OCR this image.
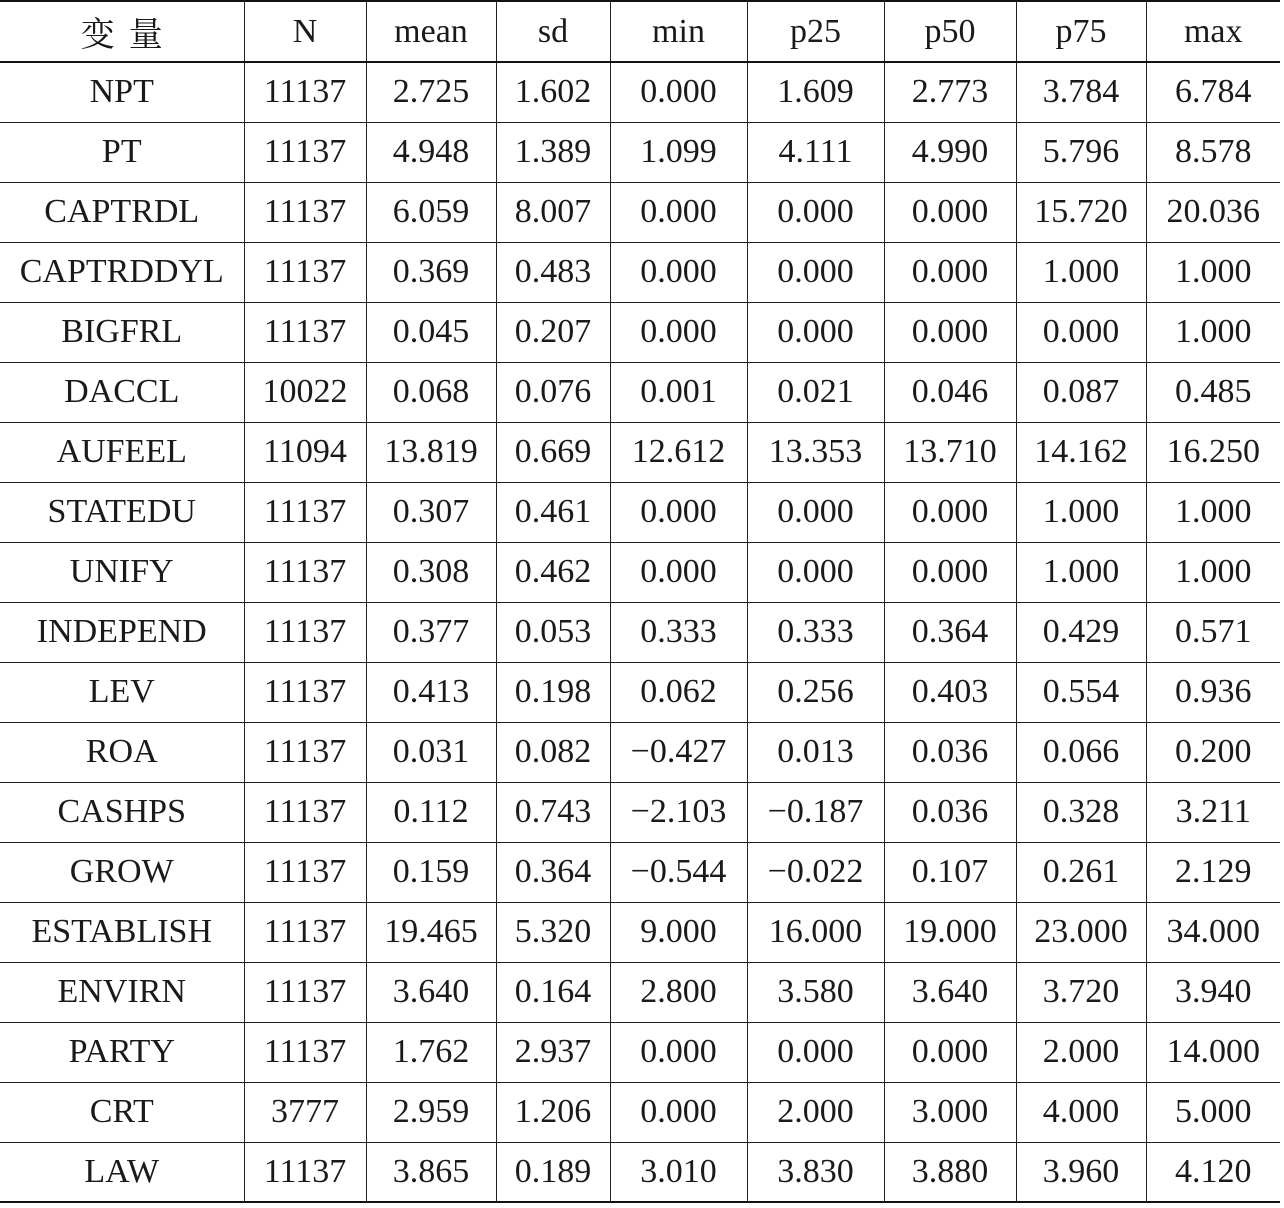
变量	N	mean	sd	min	p25	p50	p75	max
NPT	11137	2.725	1.602	0.000	1.609	2.773	3.784	6.784
PT	11137	4.948	1.389	1.099	4.111	4.990	5.796	8.578
CAPTRDL	11137	6.059	8.007	0.000	0.000	0.000	15.720	20.036
CAPTRDDYL	11137	0.369	0.483	0.000	0.000	0.000	1.000	1.000
BIGFRL	11137	0.045	0.207	0.000	0.000	0.000	0.000	1.000
DACCL	10022	0.068	0.076	0.001	0.021	0.046	0.087	0.485
AUFEEL	11094	13.819	0.669	12.612	13.353	13.710	14.162	16.250
STATEDU	11137	0.307	0.461	0.000	0.000	0.000	1.000	1.000
UNIFY	11137	0.308	0.462	0.000	0.000	0.000	1.000	1.000
INDEPEND	11137	0.377	0.053	0.333	0.333	0.364	0.429	0.571
LEV	11137	0.413	0.198	0.062	0.256	0.403	0.554	0.936
ROA	11137	0.031	0.082	−0.427	0.013	0.036	0.066	0.200
CASHPS	11137	0.112	0.743	−2.103	−0.187	0.036	0.328	3.211
GROW	11137	0.159	0.364	−0.544	−0.022	0.107	0.261	2.129
ESTABLISH	11137	19.465	5.320	9.000	16.000	19.000	23.000	34.000
ENVIRN	11137	3.640	0.164	2.800	3.580	3.640	3.720	3.940
PARTY	11137	1.762	2.937	0.000	0.000	0.000	2.000	14.000
CRT	3777	2.959	1.206	0.000	2.000	3.000	4.000	5.000
LAW	11137	3.865	0.189	3.010	3.830	3.880	3.960	4.120
